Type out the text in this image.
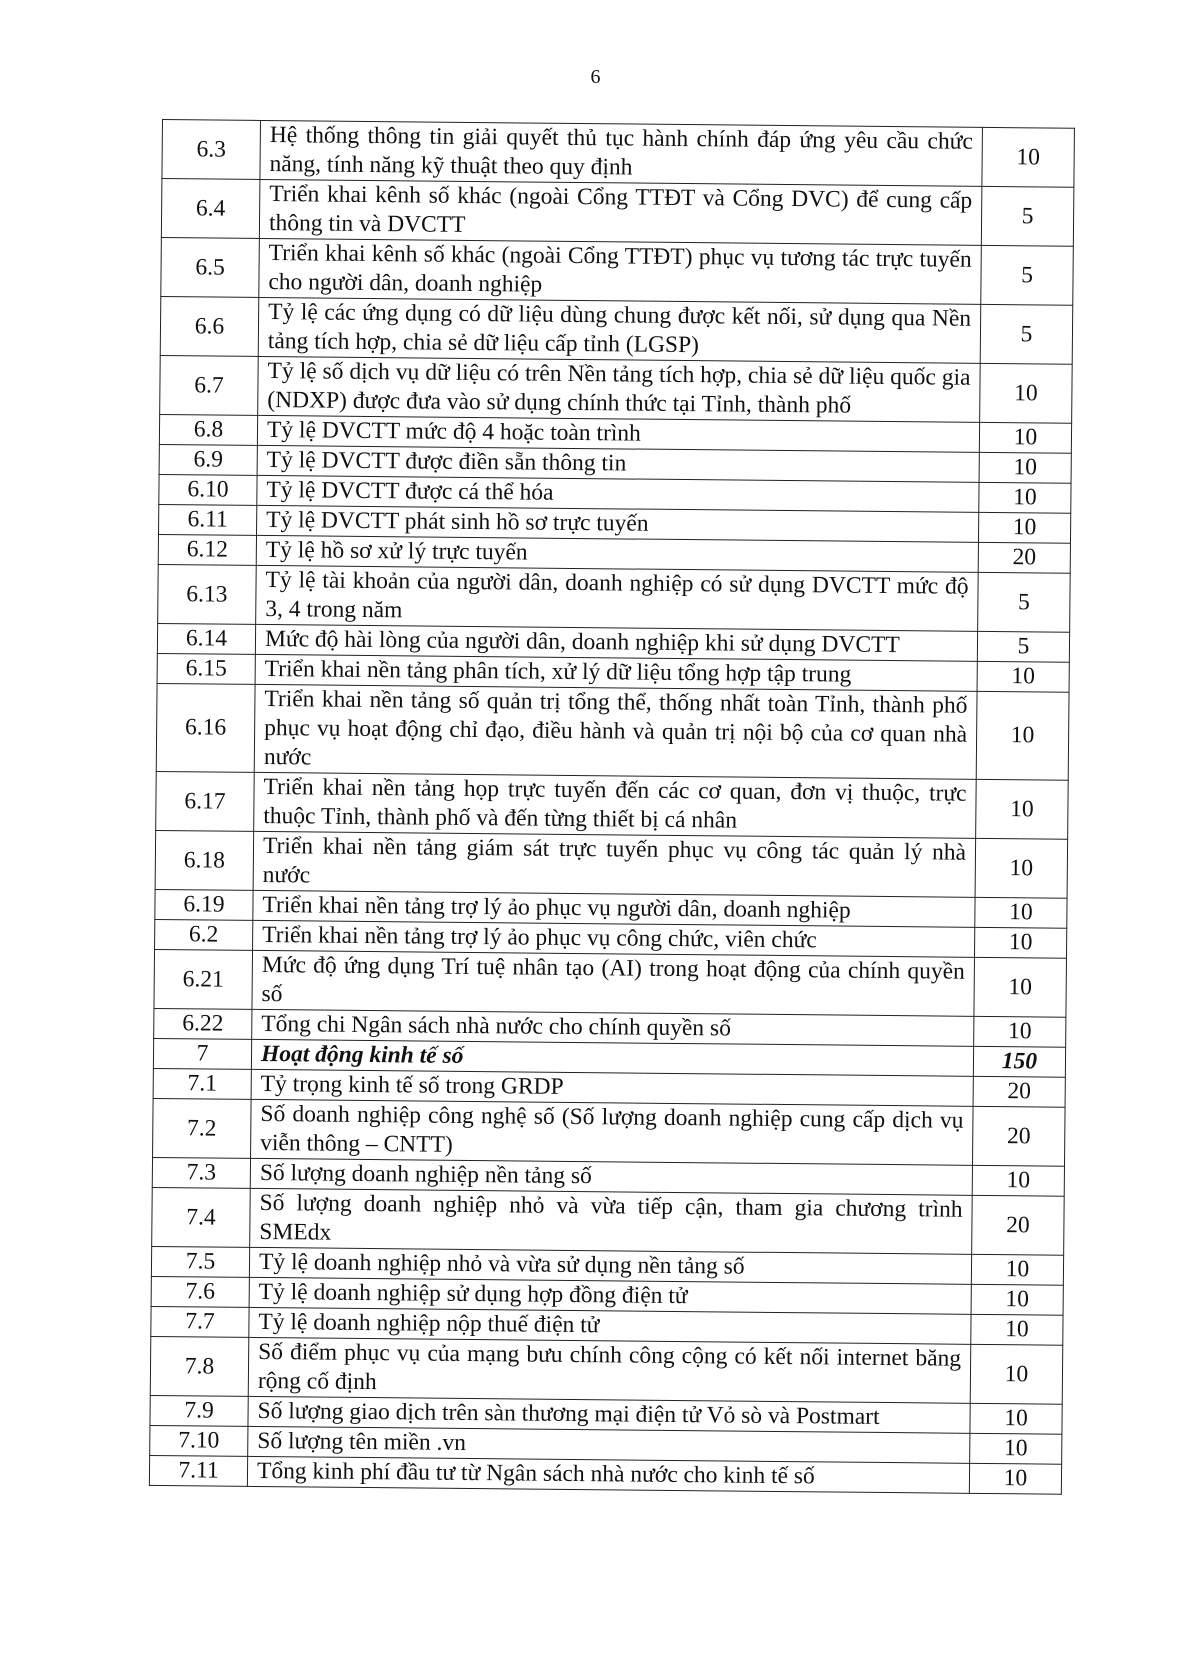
6
6.3	Hệ thống thông tin giải quyết thủ tục hành chính đáp ứng yêu cầu chức năng, tính năng kỹ thuật theo quy định	10
6.4	Triển khai kênh số khác (ngoài Cổng TTĐT và Cổng DVC) để cung cấp thông tin và DVCTT	5
6.5	Triển khai kênh số khác (ngoài Cổng TTĐT) phục vụ tương tác trực tuyến cho người dân, doanh nghiệp	5
6.6	Tỷ lệ các ứng dụng có dữ liệu dùng chung được kết nối, sử dụng qua Nền tảng tích hợp, chia sẻ dữ liệu cấp tỉnh (LGSP)	5
6.7	Tỷ lệ số dịch vụ dữ liệu có trên Nền tảng tích hợp, chia sẻ dữ liệu quốc gia (NDXP) được đưa vào sử dụng chính thức tại Tỉnh, thành phố	10
6.8	Tỷ lệ DVCTT mức độ 4 hoặc toàn trình	10
6.9	Tỷ lệ DVCTT được điền sẵn thông tin	10
6.10	Tỷ lệ DVCTT được cá thể hóa	10
6.11	Tỷ lệ DVCTT phát sinh hồ sơ trực tuyến	10
6.12	Tỷ lệ hồ sơ xử lý trực tuyến	20
6.13	Tỷ lệ tài khoản của người dân, doanh nghiệp có sử dụng DVCTT mức độ 3, 4 trong năm	5
6.14	Mức độ hài lòng của người dân, doanh nghiệp khi sử dụng DVCTT	5
6.15	Triển khai nền tảng phân tích, xử lý dữ liệu tổng hợp tập trung	10
6.16	Triển khai nền tảng số quản trị tổng thể, thống nhất toàn Tỉnh, thành phố phục vụ hoạt động chỉ đạo, điều hành và quản trị nội bộ của cơ quan nhà nước	10
6.17	Triển khai nền tảng họp trực tuyến đến các cơ quan, đơn vị thuộc, trực thuộc Tỉnh, thành phố và đến từng thiết bị cá nhân	10
6.18	Triển khai nền tảng giám sát trực tuyến phục vụ công tác quản lý nhà nước	10
6.19	Triển khai nền tảng trợ lý ảo phục vụ người dân, doanh nghiệp	10
6.2	Triển khai nền tảng trợ lý ảo phục vụ công chức, viên chức	10
6.21	Mức độ ứng dụng Trí tuệ nhân tạo (AI) trong hoạt động của chính quyền số	10
6.22	Tổng chi Ngân sách nhà nước cho chính quyền số	10
7	Hoạt động kinh tế số	150
7.1	Tỷ trọng kinh tế số trong GRDP	20
7.2	Số doanh nghiệp công nghệ số (Số lượng doanh nghiệp cung cấp dịch vụ viễn thông – CNTT)	20
7.3	Số lượng doanh nghiệp nền tảng số	10
7.4	Số lượng doanh nghiệp nhỏ và vừa tiếp cận, tham gia chương trình SMEdx	20
7.5	Tỷ lệ doanh nghiệp nhỏ và vừa sử dụng nền tảng số	10
7.6	Tỷ lệ doanh nghiệp sử dụng hợp đồng điện tử	10
7.7	Tỷ lệ doanh nghiệp nộp thuế điện tử	10
7.8	Số điểm phục vụ của mạng bưu chính công cộng có kết nối internet băng rộng cố định	10
7.9	Số lượng giao dịch trên sàn thương mại điện tử Vỏ sò và Postmart	10
7.10	Số lượng tên miền .vn	10
7.11	Tổng kinh phí đầu tư từ Ngân sách nhà nước cho kinh tế số	10
